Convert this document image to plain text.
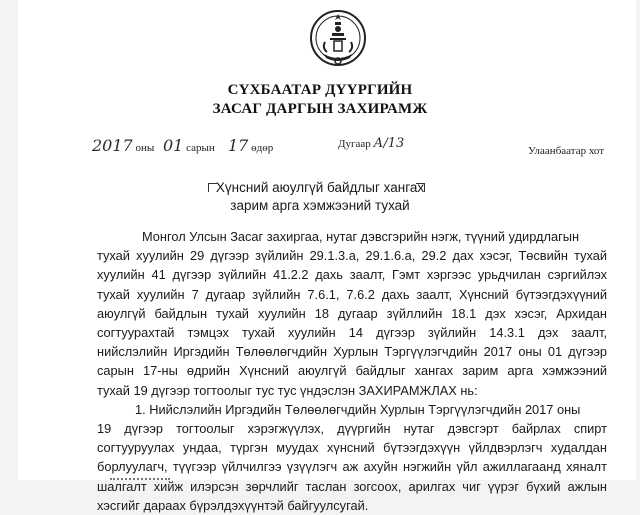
СҮХБААТАР ДҮҮРГИЙН
ЗАСАГ ДАРГЫН ЗАХИРАМЖ
2017 оны 01 сарын 17 өдөр	Дугаар А/13	Улаанбаатар хот
Хүнсний аюулгүй байдлыг хангах
зарим арга хэмжээний тухай
Монгол Улсын Засаг захиргаа, нутаг дэвсгэрийн нэгж, түүний удирдлагын
тухай хуулийн 29 дүгээр зүйлийн 29.1.3.а, 29.1.6.а, 29.2 дах хэсэг, Төсвийн тухай
хуулийн 41 дүгээр зүйлийн 41.2.2 дахь заалт, Гэмт хэргээс урьдчилан сэргийлэх
тухай хуулийн 7 дугаар зүйлийн 7.6.1, 7.6.2 дахь заалт, Хүнсний бүтээгдэхүүний
аюулгүй байдлын тухай хуулийн 18 дугаар зүйллийн 18.1 дэх хэсэг, Архидан
согтуурахтай тэмцэх тухай хуулийн 14 дүгээр зүйлийн 14.3.1 дэх заалт,
нийслэлийн Иргэдийн Төлөөлөгчдийн Хурлын Тэргүүлэгчдийн 2017 оны 01 дүгээр
сарын 17-ны өдрийн Хүнсний аюулгүй байдлыг хангах зарим арга хэмжээний
тухай 19 дүгээр тогтоолыг тус тус үндэслэн ЗАХИРАМЖЛАХ нь:
1. Нийслэлийн Иргэдийн Төлөөлөгчдийн Хурлын Тэргүүлэгчдийн 2017 оны
19 дүгээр тогтоолыг хэрэгжүүлэх, дүүргийн нутаг дэвсгэрт байрлах спирт
согтууруулах ундаа, түргэн муудах хүнсний бүтээгдэхүүн үйлдвэрлэгч худалдан
борлуулагч, түүгээр үйлчилгээ үзүүлэгч аж ахуйн нэгжийн үйл ажиллагаанд хяналт
шалгалт хийж илэрсэн зөрчлийг таслан зогсоох, арилгах чиг үүрэг бүхий ажлын
хэсгийг дараах бүрэлдэхүүнтэй байгуулсугай.
